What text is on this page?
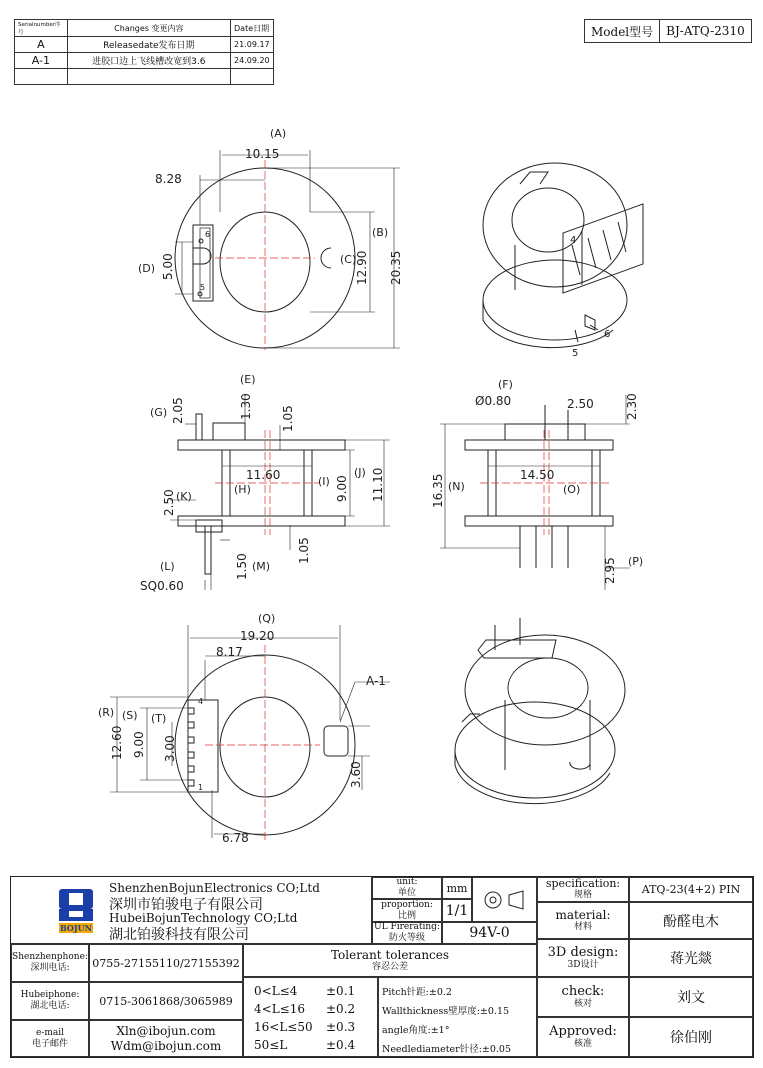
Serialnumber序号	Changes 变更内容	Date日期
A	Releasedate发布日期	21.09.17
A-1	进胶口边上飞线槽改宽到3.6	24.09.20

Model型号	BJ-ATQ-2310
(A)
10.15
8.28
(B)
(C)
(D) 5.00	12.90 20.35
6
5
4
6
5
(E)
1.30
(G) 2.05	1.05
11.60
(H)
(I) 9.00
(J) 11.10
(K)
2.50
1.05
(L)	1.50 (M)
SQ0.60
(F)
Ø0.80	2.50	2.30
(N)
16.35	14.50
(O)
2.95 (P)
(Q)
19.20
8.17
(R) (S) (T)
12.60 9.00 3.00
3.60
6.78
A-1
4
1
BOJUN
ShenzhenBojunElectronics CO;Ltd
深圳市铂骏电子有限公司
HubeiBojunTechnology CO;Ltd
湖北铂骏科技有限公司
unit:
单位	mm
proportion:
比例 1/1
UL Firerating:
防火等级	94V-0
specification:
规格	ATQ-23(4+2) PIN
material:
材料	酚醛电木
Shenzhenphone:
深圳电话: 0755-27155110/27155392
Hubeiphone:
湖北电话:	0715-3061868/3065989
e-mail
电子邮件
Xln@ibojun.com
Wdm@ibojun.com
Tolerant tolerances
容忍公差
0<L≤4 ±0.1
4<L≤16 ±0.2
16<L≤50 ±0.3
50≤L	±0.4
Pitch针距:±0.2
Wallthickness壁厚度:±0.15
angle角度:±1°
Needlediameter针径:±0.05
3D design:
3D设计	蒋光燚
check:
核对	刘文
Approved:
核准	徐伯刚
